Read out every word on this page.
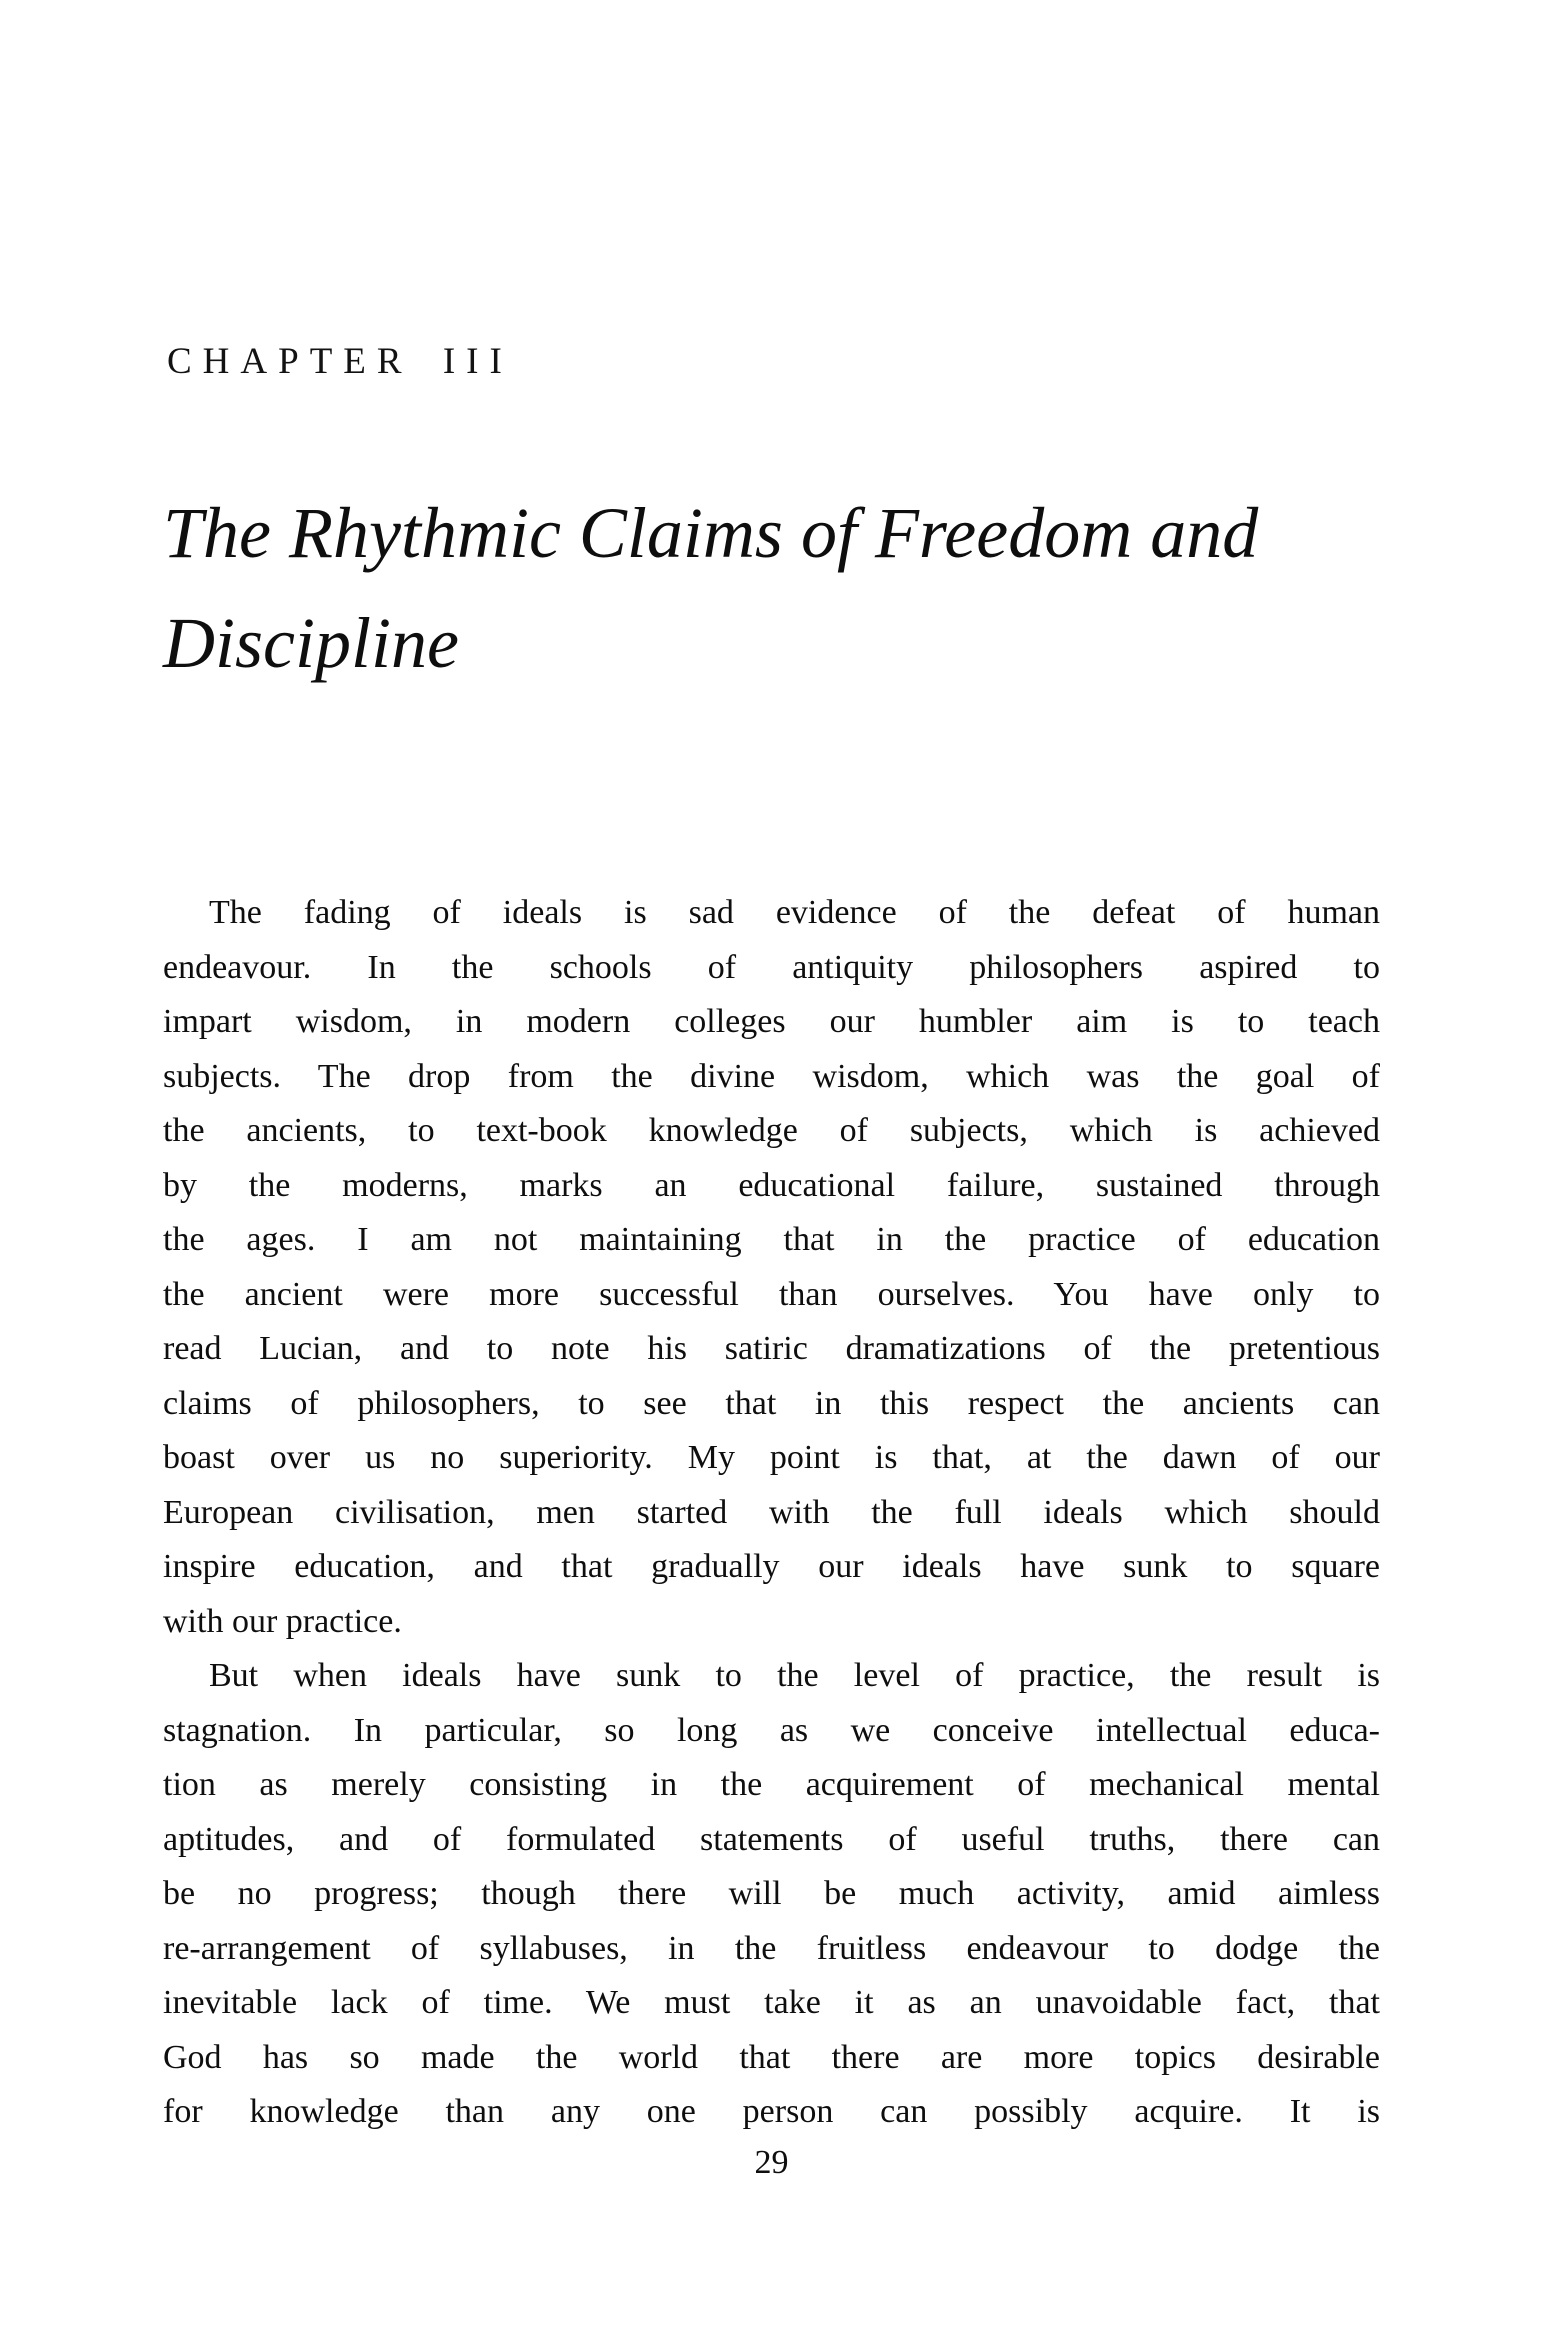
CHAPTER III
The Rhythmic Claims of Freedom and
Discipline
The fading of ideals is sad evidence of the defeat of human
endeavour. In the schools of antiquity philosophers aspired to
impart wisdom, in modern colleges our humbler aim is to teach
subjects. The drop from the divine wisdom, which was the goal of
the ancients, to text-book knowledge of subjects, which is achieved
by the moderns, marks an educational failure, sustained through
the ages. I am not maintaining that in the practice of education
the ancient were more successful than ourselves. You have only to
read Lucian, and to note his satiric dramatizations of the pretentious
claims of philosophers, to see that in this respect the ancients can
boast over us no superiority. My point is that, at the dawn of our
European civilisation, men started with the full ideals which should
inspire education, and that gradually our ideals have sunk to square
with our practice.
But when ideals have sunk to the level of practice, the result is
stagnation. In particular, so long as we conceive intellectual educa-
tion as merely consisting in the acquirement of mechanical mental
aptitudes, and of formulated statements of useful truths, there can
be no progress; though there will be much activity, amid aimless
re-arrangement of syllabuses, in the fruitless endeavour to dodge the
inevitable lack of time. We must take it as an unavoidable fact, that
God has so made the world that there are more topics desirable
for knowledge than any one person can possibly acquire. It is
29
